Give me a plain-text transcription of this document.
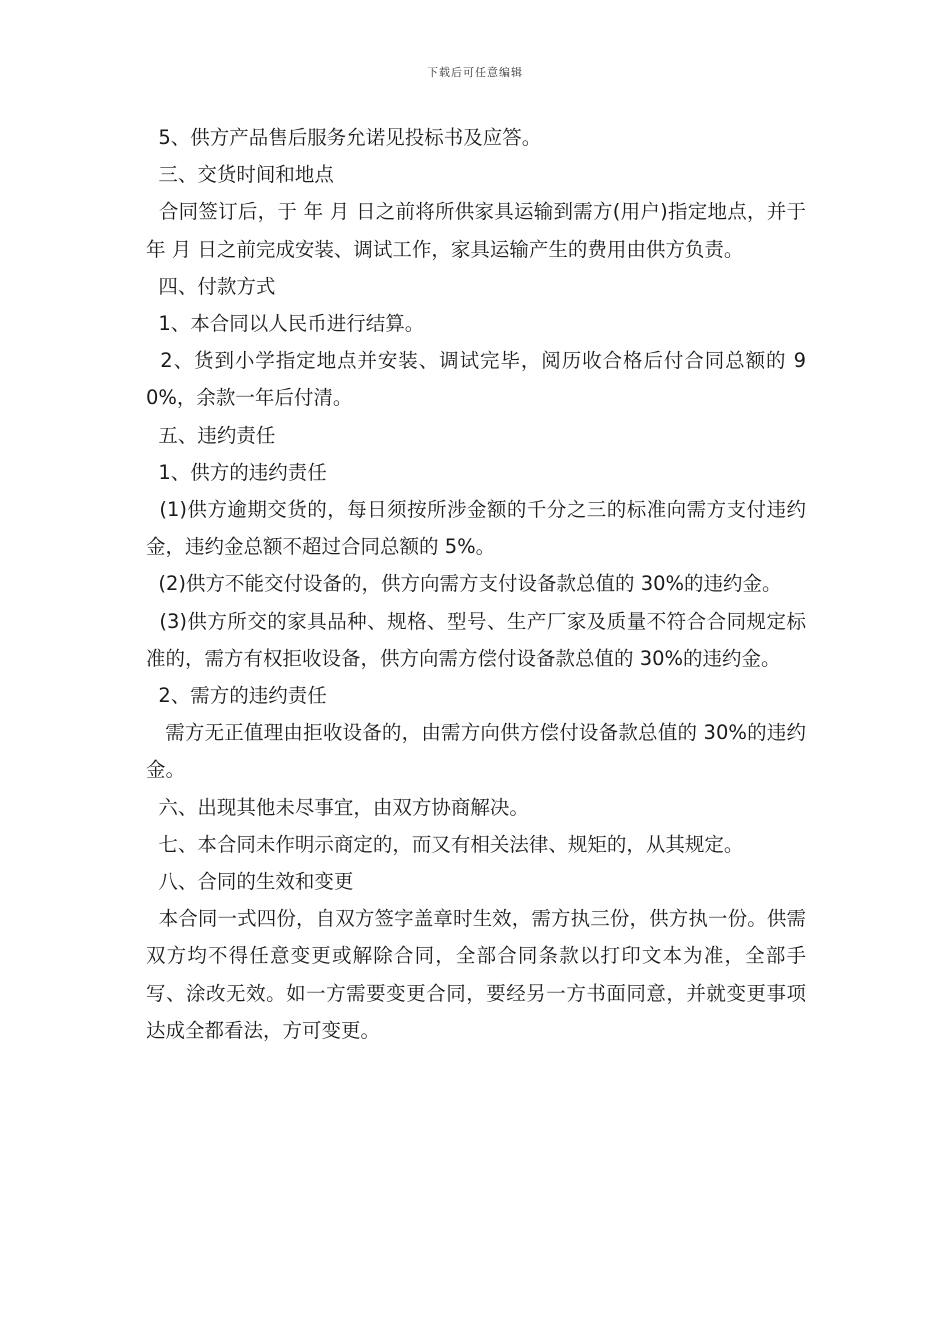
下载后可任意编辑

5、供方产品售后服务允诺见投标书及应答。

三、交货时间和地点

合同签订后，于 年 月 日之前将所供家具运输到需方(用户)指定地点，并于 年 月 日之前完成安装、调试工作，家具运输产生的费用由供方负责。

四、付款方式

1、本合同以人民币进行结算。

2、货到小学指定地点并安装、调试完毕，阅历收合格后付合同总额的 90%，余款一年后付清。

五、违约责任

1、供方的违约责任

(1)供方逾期交货的，每日须按所涉金额的千分之三的标准向需方支付违约金，违约金总额不超过合同总额的 5%。

(2)供方不能交付设备的，供方向需方支付设备款总值的 30%的违约金。

(3)供方所交的家具品种、规格、型号、生产厂家及质量不符合合同规定标准的，需方有权拒收设备，供方向需方偿付设备款总值的 30%的违约金。

2、需方的违约责任

需方无正值理由拒收设备的，由需方向供方偿付设备款总值的 30%的违约金。

六、出现其他未尽事宜，由双方协商解决。

七、本合同未作明示商定的，而又有相关法律、规矩的，从其规定。

八、合同的生效和变更

本合同一式四份，自双方签字盖章时生效，需方执三份，供方执一份。供需双方均不得任意变更或解除合同，全部合同条款以打印文本为准，全部手写、涂改无效。如一方需要变更合同，要经另一方书面同意，并就变更事项达成全都看法，方可变更。
